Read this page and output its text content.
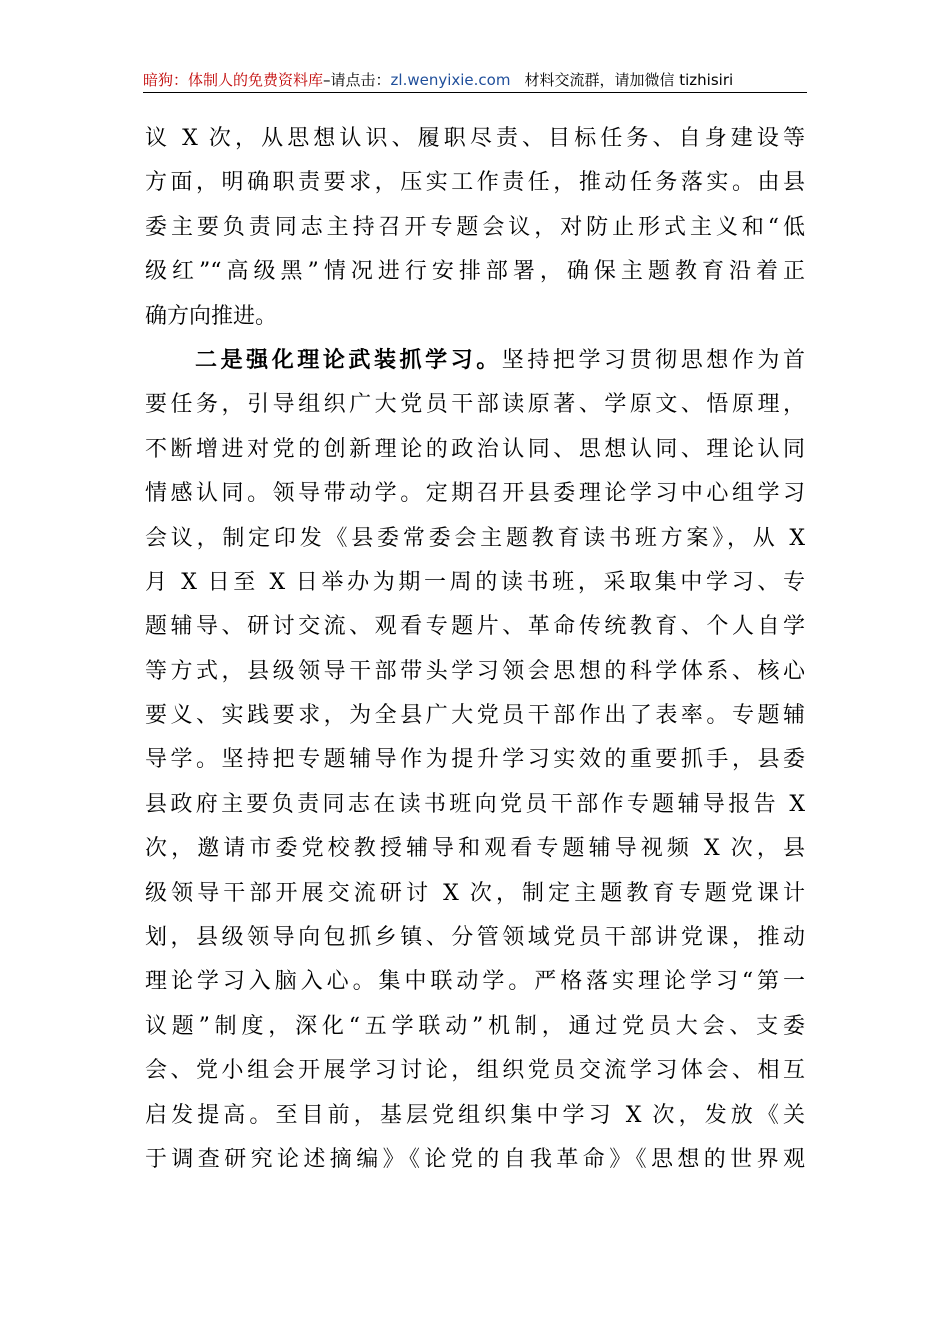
暗狗：体制人的免费资料库–请点击：zl.wenyixie.com 材料交流群，请加微信 tizhisiri
议 X 次，从思想认识、履职尽责、目标任务、自身建设等
方面，明确职责要求，压实工作责任，推动任务落实。由县
委主要负责同志主持召开专题会议，对防止形式主义和“低
级红”“高级黑”情况进行安排部署，确保主题教育沿着正
确方向推进。
二是强化理论武装抓学习。坚持把学习贯彻思想作为首
要任务，引导组织广大党员干部读原著、学原文、悟原理，
不断增进对党的创新理论的政治认同、思想认同、理论认同
情感认同。领导带动学。定期召开县委理论学习中心组学习
会议，制定印发《县委常委会主题教育读书班方案》，从 X
月 X 日至 X 日举办为期一周的读书班，采取集中学习、专
题辅导、研讨交流、观看专题片、革命传统教育、个人自学
等方式，县级领导干部带头学习领会思想的科学体系、核心
要义、实践要求，为全县广大党员干部作出了表率。专题辅
导学。坚持把专题辅导作为提升学习实效的重要抓手，县委
县政府主要负责同志在读书班向党员干部作专题辅导报告 X
次，邀请市委党校教授辅导和观看专题辅导视频 X 次，县
级领导干部开展交流研讨 X 次，制定主题教育专题党课计
划，县级领导向包抓乡镇、分管领域党员干部讲党课，推动
理论学习入脑入心。集中联动学。严格落实理论学习“第一
议题”制度，深化“五学联动”机制，通过党员大会、支委
会、党小组会开展学习讨论，组织党员交流学习体会、相互
启发提高。至目前，基层党组织集中学习 X 次，发放《关
于调查研究论述摘编》《论党的自我革命》《思想的世界观
